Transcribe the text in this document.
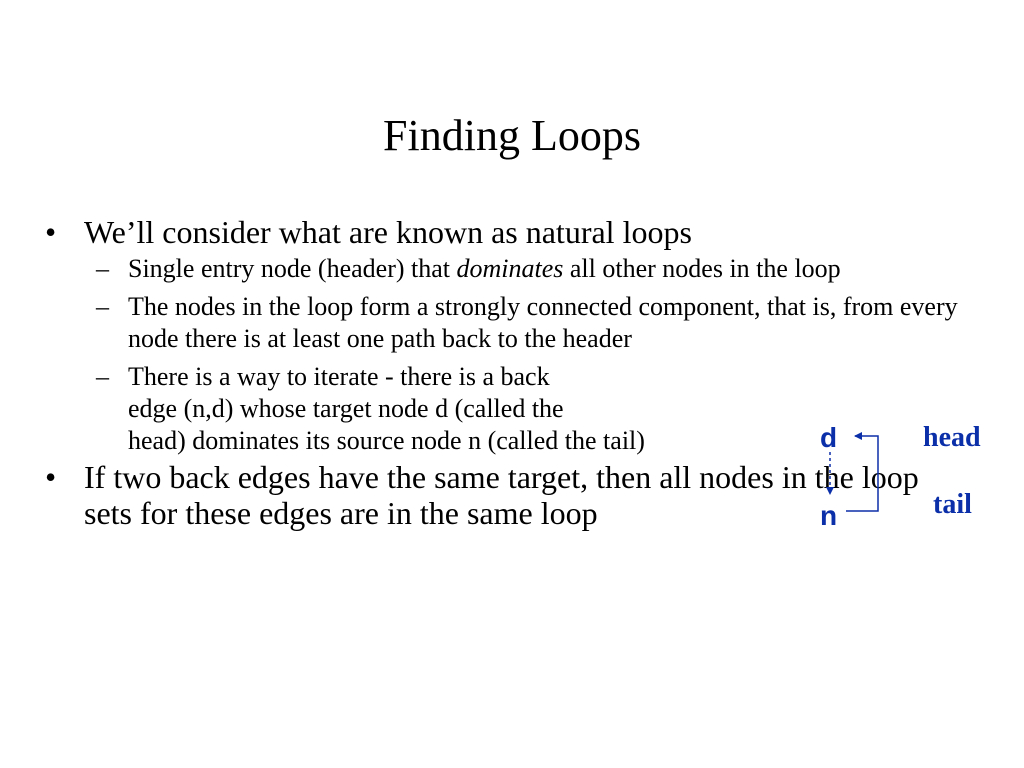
Finding Loops
• We’ll consider what are known as natural loops
– Single entry node (header) that dominates all other nodes in the loop
– The nodes in the loop form a strongly connected component, that is, from every node there is at least one path back to the header
– There is a way to iterate - there is a back
edge (n,d) whose target node d (called the
head) dominates its source node n (called the tail)
• If two back edges have the same target, then all nodes in the loop sets for these edges are in the same loop
d
n
head
tail
